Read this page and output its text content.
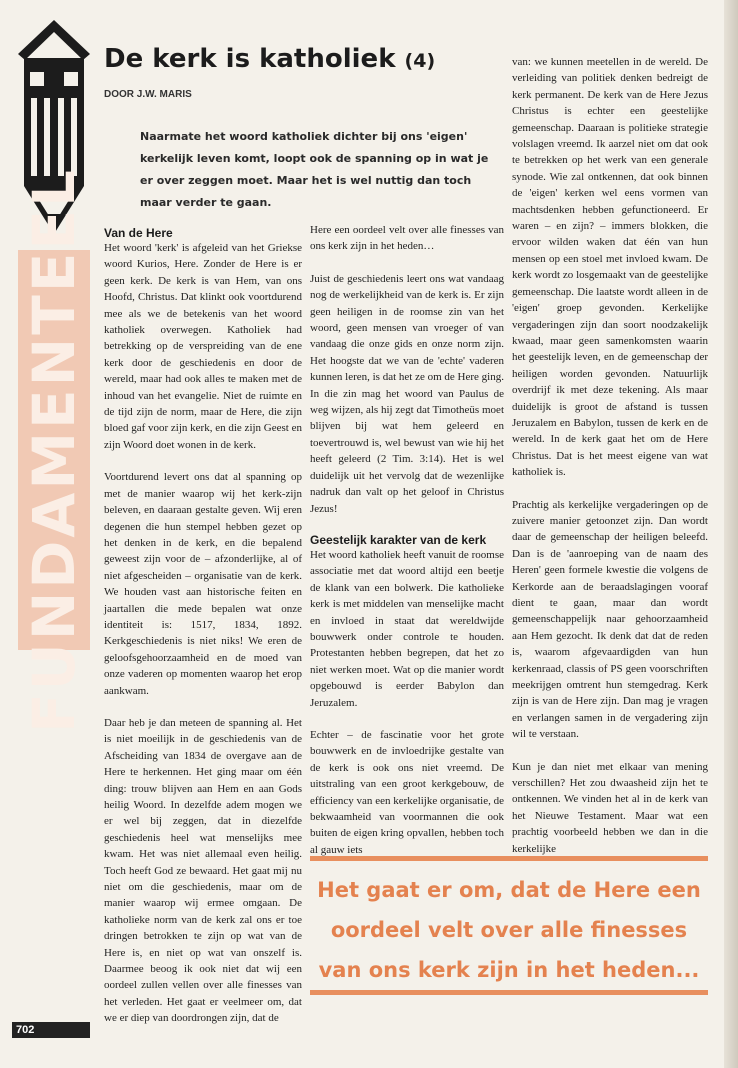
FUNDAMENTEEL
De kerk is katholiek (4)
DOOR J.W. MARIS
Naarmate het woord katholiek dichter bij ons 'eigen' kerkelijk leven komt, loopt ook de spanning op in wat je er over zeggen moet. Maar het is wel nuttig dan toch maar verder te gaan.
Van de Here

Het woord 'kerk' is afgeleid van het Griekse woord Kurios, Here. Zonder de Here is er geen kerk. De kerk is van Hem, van ons Hoofd, Christus. Dat klinkt ook voortdurend mee als we de betekenis van het woord katholiek overwegen. Katholiek had betrekking op de verspreiding van de ene kerk door de geschiedenis en door de wereld, maar had ook alles te maken met de inhoud van het evangelie. Niet de ruimte en de tijd zijn de norm, maar de Here, die zijn bloed gaf voor zijn kerk, en die zijn Geest en zijn Woord doet wonen in de kerk.

Voortdurend levert ons dat al spanning op met de manier waarop wij het kerk-zijn beleven, en daaraan gestalte geven. Wij eren degenen die hun stempel hebben gezet op het denken in de kerk, en die bepalend geweest zijn voor de – afzonderlijke, al of niet afgescheiden – organisatie van de kerk. We houden vast aan historische feiten en jaartallen die mede bepalen wat onze identiteit is: 1517, 1834, 1892. Kerkgeschiedenis is niet niks! We eren de geloofsgehoorzaamheid en de moed van onze vaderen op momenten waarop het erop aankwam.

Daar heb je dan meteen de spanning al. Het is niet moeilijk in de geschiedenis van de Afscheiding van 1834 de overgave aan de Here te herkennen. Het ging maar om één ding: trouw blijven aan Hem en aan Gods heilig Woord. In dezelfde adem mogen we er wel bij zeggen, dat in diezelfde geschiedenis heel wat menselijks mee kwam. Het was niet allemaal even heilig. Toch heeft God ze bewaard. Het gaat mij nu niet om die geschiedenis, maar om de manier waarop wij ermee omgaan. De katholieke norm van de kerk zal ons er toe dringen betrokken te zijn op wat van de Here is, en niet op wat van onszelf is. Daarmee beoog ik ook niet dat wij een oordeel zullen vellen over alle finesses van het verleden. Het gaat er veelmeer om, dat we er diep van doordrongen zijn, dat de

Here een oordeel velt over alle finesses van ons kerk zijn in het heden…

Juist de geschiedenis leert ons wat vandaag nog de werkelijkheid van de kerk is. Er zijn geen heiligen in de roomse zin van het woord, geen mensen van vroeger of van vandaag die onze gids en onze norm zijn. Het hoogste dat we van de 'echte' vaderen kunnen leren, is dat het ze om de Here ging. In die zin mag het woord van Paulus de weg wijzen, als hij zegt dat Timotheüs moet blijven bij wat hem geleerd en toevertrouwd is, wel bewust van wie hij het heeft geleerd (2 Tim. 3:14). Het is wel duidelijk uit het vervolg dat de wezenlijke nadruk dan valt op het geloof in Christus Jezus!

Geestelijk karakter van de kerk

Het woord katholiek heeft vanuit de roomse associatie met dat woord altijd een beetje de klank van een bolwerk. Die katholieke kerk is met middelen van menselijke macht en invloed in staat dat wereldwijde bouwwerk onder controle te houden. Protestanten hebben begrepen, dat het zo niet werken moet. Wat op die manier wordt opgebouwd is eerder Babylon dan Jeruzalem.

Echter – de fascinatie voor het grote bouwwerk en de invloedrijke gestalte van de kerk is ook ons niet vreemd. De uitstraling van een groot kerkgebouw, de efficiency van een kerkelijke organisatie, de bekwaamheid van voormannen die ook buiten de eigen kring opvallen, hebben toch al gauw iets

van: we kunnen meetellen in de wereld. De verleiding van politiek denken bedreigt de kerk permanent. De kerk van de Here Jezus Christus is echter een geestelijke gemeenschap. Daaraan is politieke strategie volslagen vreemd. Ik aarzel niet om dat ook te betrekken op het werk van een generale synode. Wie zal ontkennen, dat ook binnen de 'eigen' kerken wel eens vormen van machtsdenken hebben gefunctioneerd. Er waren – en zijn? – immers blokken, die ervoor wilden waken dat één van hun mensen op een stoel met invloed kwam. De kerk wordt zo losgemaakt van de geestelijke gemeenschap. Die laatste wordt alleen in de 'eigen' groep gevonden. Kerkelijke vergaderingen zijn dan soort noodzakelijk kwaad, maar geen samenkomsten waarin het geestelijk leven, en de gemeenschap der heiligen worden gevonden. Natuurlijk overdrijf ik met deze tekening. Als maar duidelijk is groot de afstand is tussen Jeruzalem en Babylon, tussen de kerk en de wereld. In de kerk gaat het om de Here Christus. Dat is het meest eigene van wat katholiek is.

Prachtig als kerkelijke vergaderingen op de zuivere manier getoonzet zijn. Dan wordt daar de gemeenschap der heiligen beleefd. Dan is de 'aanroeping van de naam des Heren' geen formele kwestie die volgens de Kerkorde aan de beraadslagingen vooraf dient te gaan, maar dan wordt gemeenschappelijk naar gehoorzaamheid aan Hem gezocht. Ik denk dat dat de reden is, waarom afgevaardigden van hun kerkenraad, classis of PS geen voorschriften meekrijgen omtrent hun stemgedrag. Kerk zijn is van de Here zijn. Dan mag je vragen en verlangen samen in de vergadering zijn wil te verstaan.

Kun je dan niet met elkaar van mening verschillen? Het zou dwaasheid zijn het te ontkennen. We vinden het al in de kerk van het Nieuwe Testament. Maar wat een prachtig voorbeeld hebben we dan in die kerkelijke

Het gaat er om, dat de Here een
oordeel velt over alle finesses
van ons kerk zijn in het heden...
702
